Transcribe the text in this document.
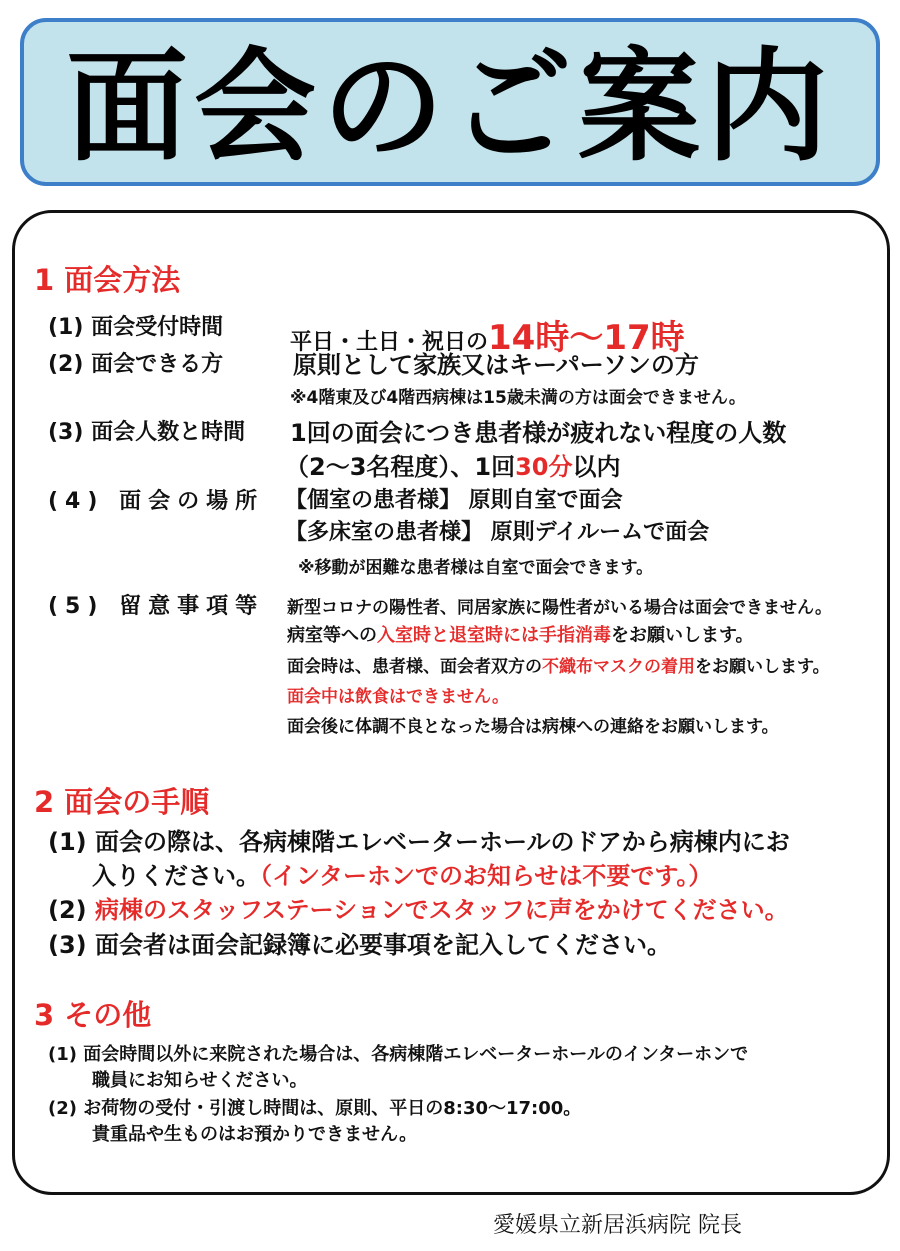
面会のご案内
1 面会方法
(1) 面会受付時間
平日・土日・祝日の14時～17時
(2) 面会できる方	原則として家族又はキーパーソンの方
※4階東及び4階西病棟は15歳未満の方は面会できません。
(3) 面会人数と時間 1回の面会につき患者様が疲れない程度の人数
（2～3名程度）、1回30分以内
(4) 面会の場所 【個室の患者様】 原則自室で面会
【多床室の患者様】 原則デイルームで面会
※移動が困難な患者様は自室で面会できます。
(5) 留意事項等 新型コロナの陽性者、同居家族に陽性者がいる場合は面会できません。
病室等への入室時と退室時には手指消毒をお願いします。
面会時は、患者様、面会者双方の不織布マスクの着用をお願いします。
面会中は飲食はできません。
面会後に体調不良となった場合は病棟への連絡をお願いします。
2 面会の手順
(1) 面会の際は、各病棟階エレベーターホールのドアから病棟内にお
入りください。（インターホンでのお知らせは不要です。）
(2) 病棟のスタッフステーションでスタッフに声をかけてください。
(3) 面会者は面会記録簿に必要事項を記入してください。
3 その他
(1) 面会時間以外に来院された場合は、各病棟階エレベーターホールのインターホンで
職員にお知らせください。
(2) お荷物の受付・引渡し時間は、原則、平日の8:30～17:00。
貴重品や生ものはお預かりできません。
愛媛県立新居浜病院 院長
